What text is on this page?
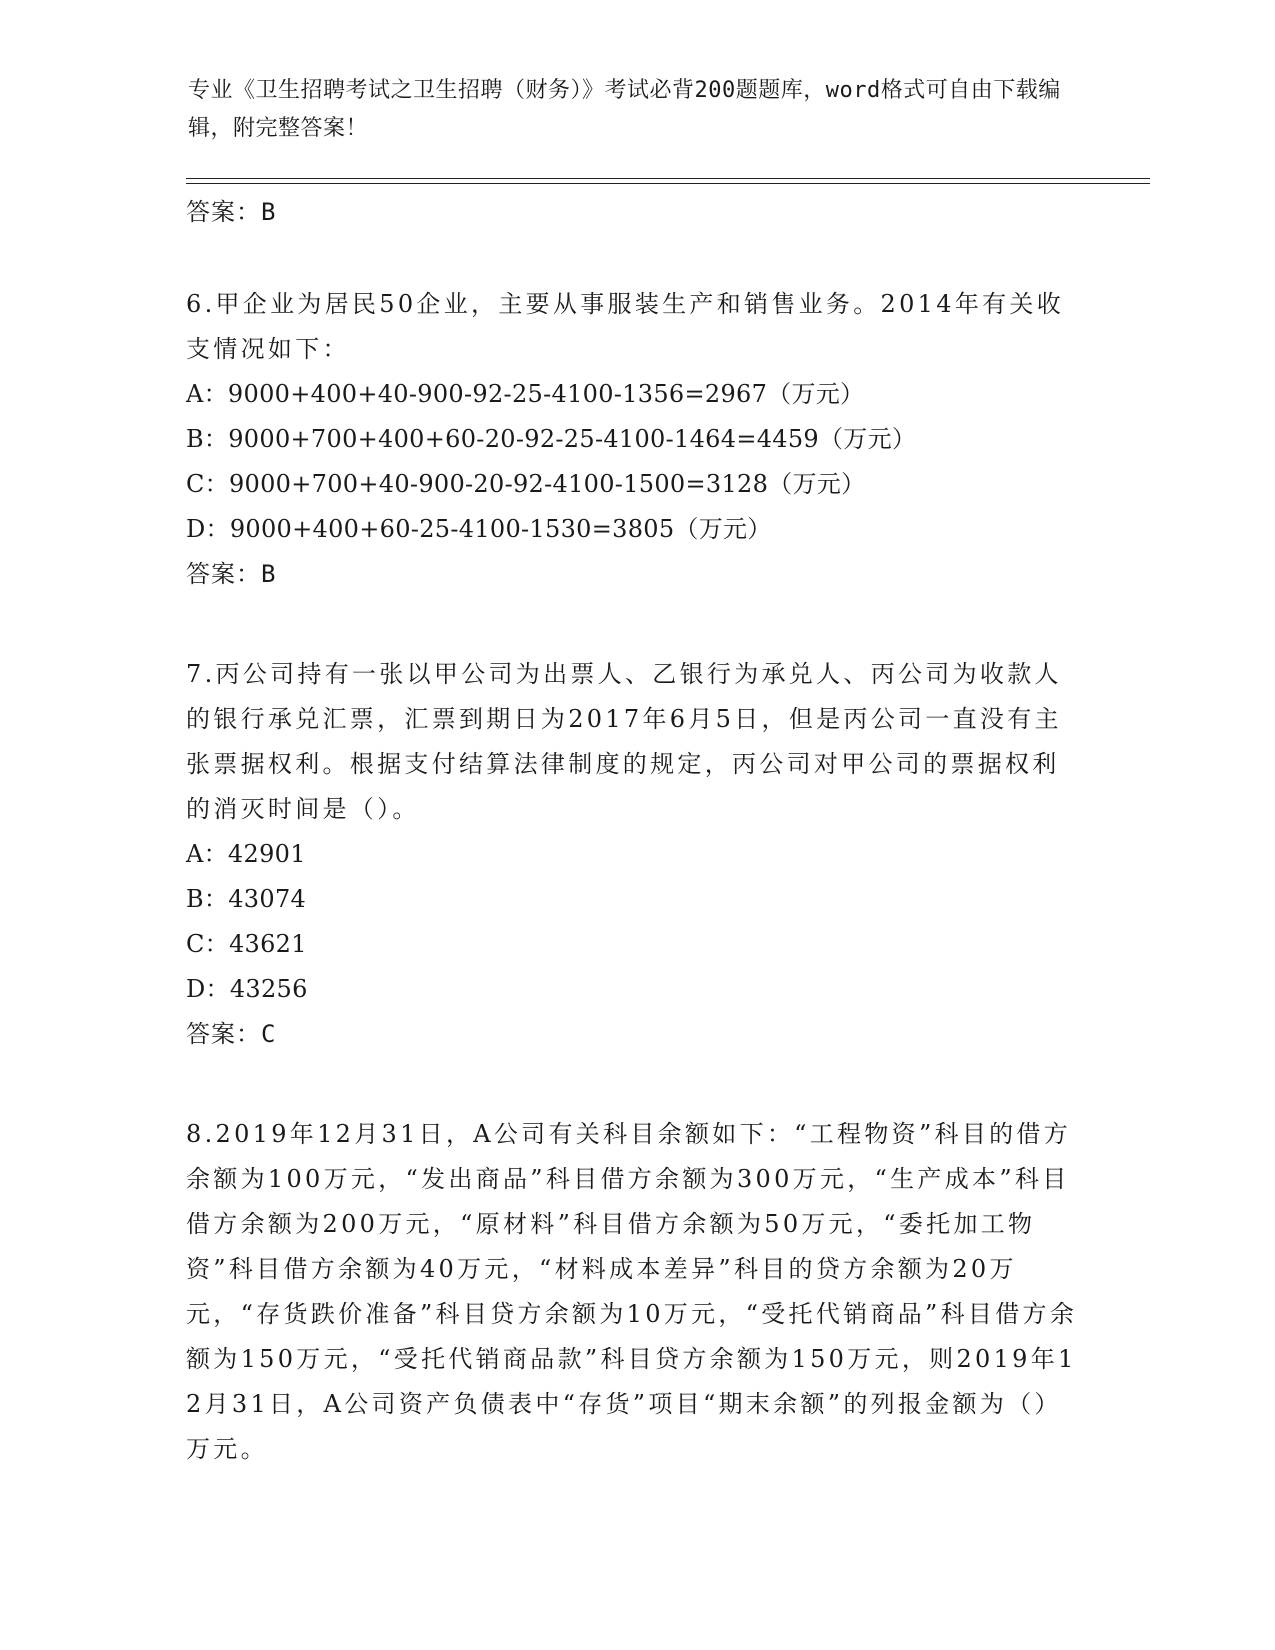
专业《卫生招聘考试之卫生招聘（财务）》考试必背200题题库，word格式可自由下载编辑，附完整答案！
答案：B

6.甲企业为居民50企业，主要从事服装生产和销售业务。2014年有关收支情况如下：

A：9000+400+40-900-92-25-4100-1356=2967（万元）

B：9000+700+400+60-20-92-25-4100-1464=4459（万元）

C：9000+700+40-900-20-92-4100-1500=3128（万元）

D：9000+400+60-25-4100-1530=3805（万元）

答案：B

7.丙公司持有一张以甲公司为出票人、乙银行为承兑人、丙公司为收款人的银行承兑汇票，汇票到期日为2017年6月5日，但是丙公司一直没有主张票据权利。根据支付结算法律制度的规定，丙公司对甲公司的票据权利的消灭时间是（）。

A：42901

B：43074

C：43621

D：43256

答案：C

8.2019年12月31日，A公司有关科目余额如下：“工程物资”科目的借方余额为100万元，“发出商品”科目借方余额为300万元，“生产成本”科目借方余额为200万元，“原材料”科目借方余额为50万元，“委托加工物资”科目借方余额为40万元，“材料成本差异”科目的贷方余额为20万元，“存货跌价准备”科目贷方余额为10万元，“受托代销商品”科目借方余额为150万元，“受托代销商品款”科目贷方余额为150万元，则2019年12月31日，A公司资产负债表中“存货”项目“期末余额”的列报金额为（）万元。
